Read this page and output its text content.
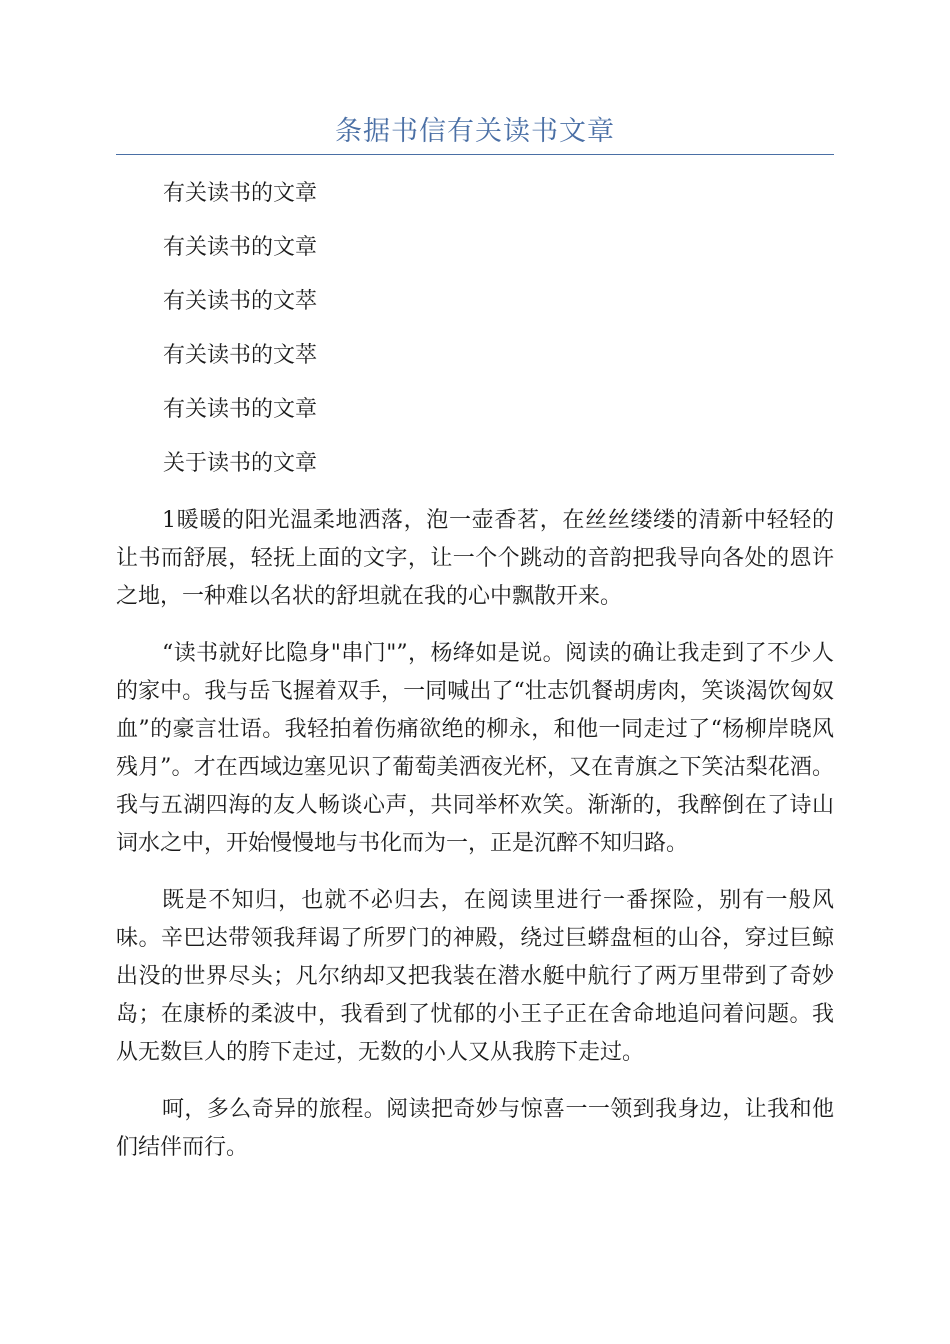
条据书信有关读书文章
有关读书的文章
有关读书的文章
有关读书的文萃
有关读书的文萃
有关读书的文章
关于读书的文章

1暖暖的阳光温柔地洒落，泡一壶香茗，在丝丝缕缕的清新中轻轻的让书而舒展，轻抚上面的文字，让一个个跳动的音韵把我导向各处的恩许之地，一种难以名状的舒坦就在我的心中飘散开来。

“读书就好比隐身"串门"”，杨绛如是说。阅读的确让我走到了不少人的家中。我与岳飞握着双手，一同喊出了“壮志饥餐胡虏肉，笑谈渴饮匈奴血”的豪言壮语。我轻拍着伤痛欲绝的柳永，和他一同走过了“杨柳岸晓风残月”。才在西域边塞见识了葡萄美洒夜光杯，又在青旗之下笑沽梨花酒。我与五湖四海的友人畅谈心声，共同举杯欢笑。渐渐的，我醉倒在了诗山词水之中，开始慢慢地与书化而为一，正是沉醉不知归路。

既是不知归，也就不必归去，在阅读里进行一番探险，别有一般风味。辛巴达带领我拜谒了所罗门的神殿，绕过巨蟒盘桓的山谷，穿过巨鲸出没的世界尽头；凡尔纳却又把我装在潜水艇中航行了两万里带到了奇妙岛；在康桥的柔波中，我看到了忧郁的小王子正在舍命地追问着问题。我从无数巨人的胯下走过，无数的小人又从我胯下走过。

呵，多么奇异的旅程。阅读把奇妙与惊喜一一领到我身边，让我和他们结伴而行。
